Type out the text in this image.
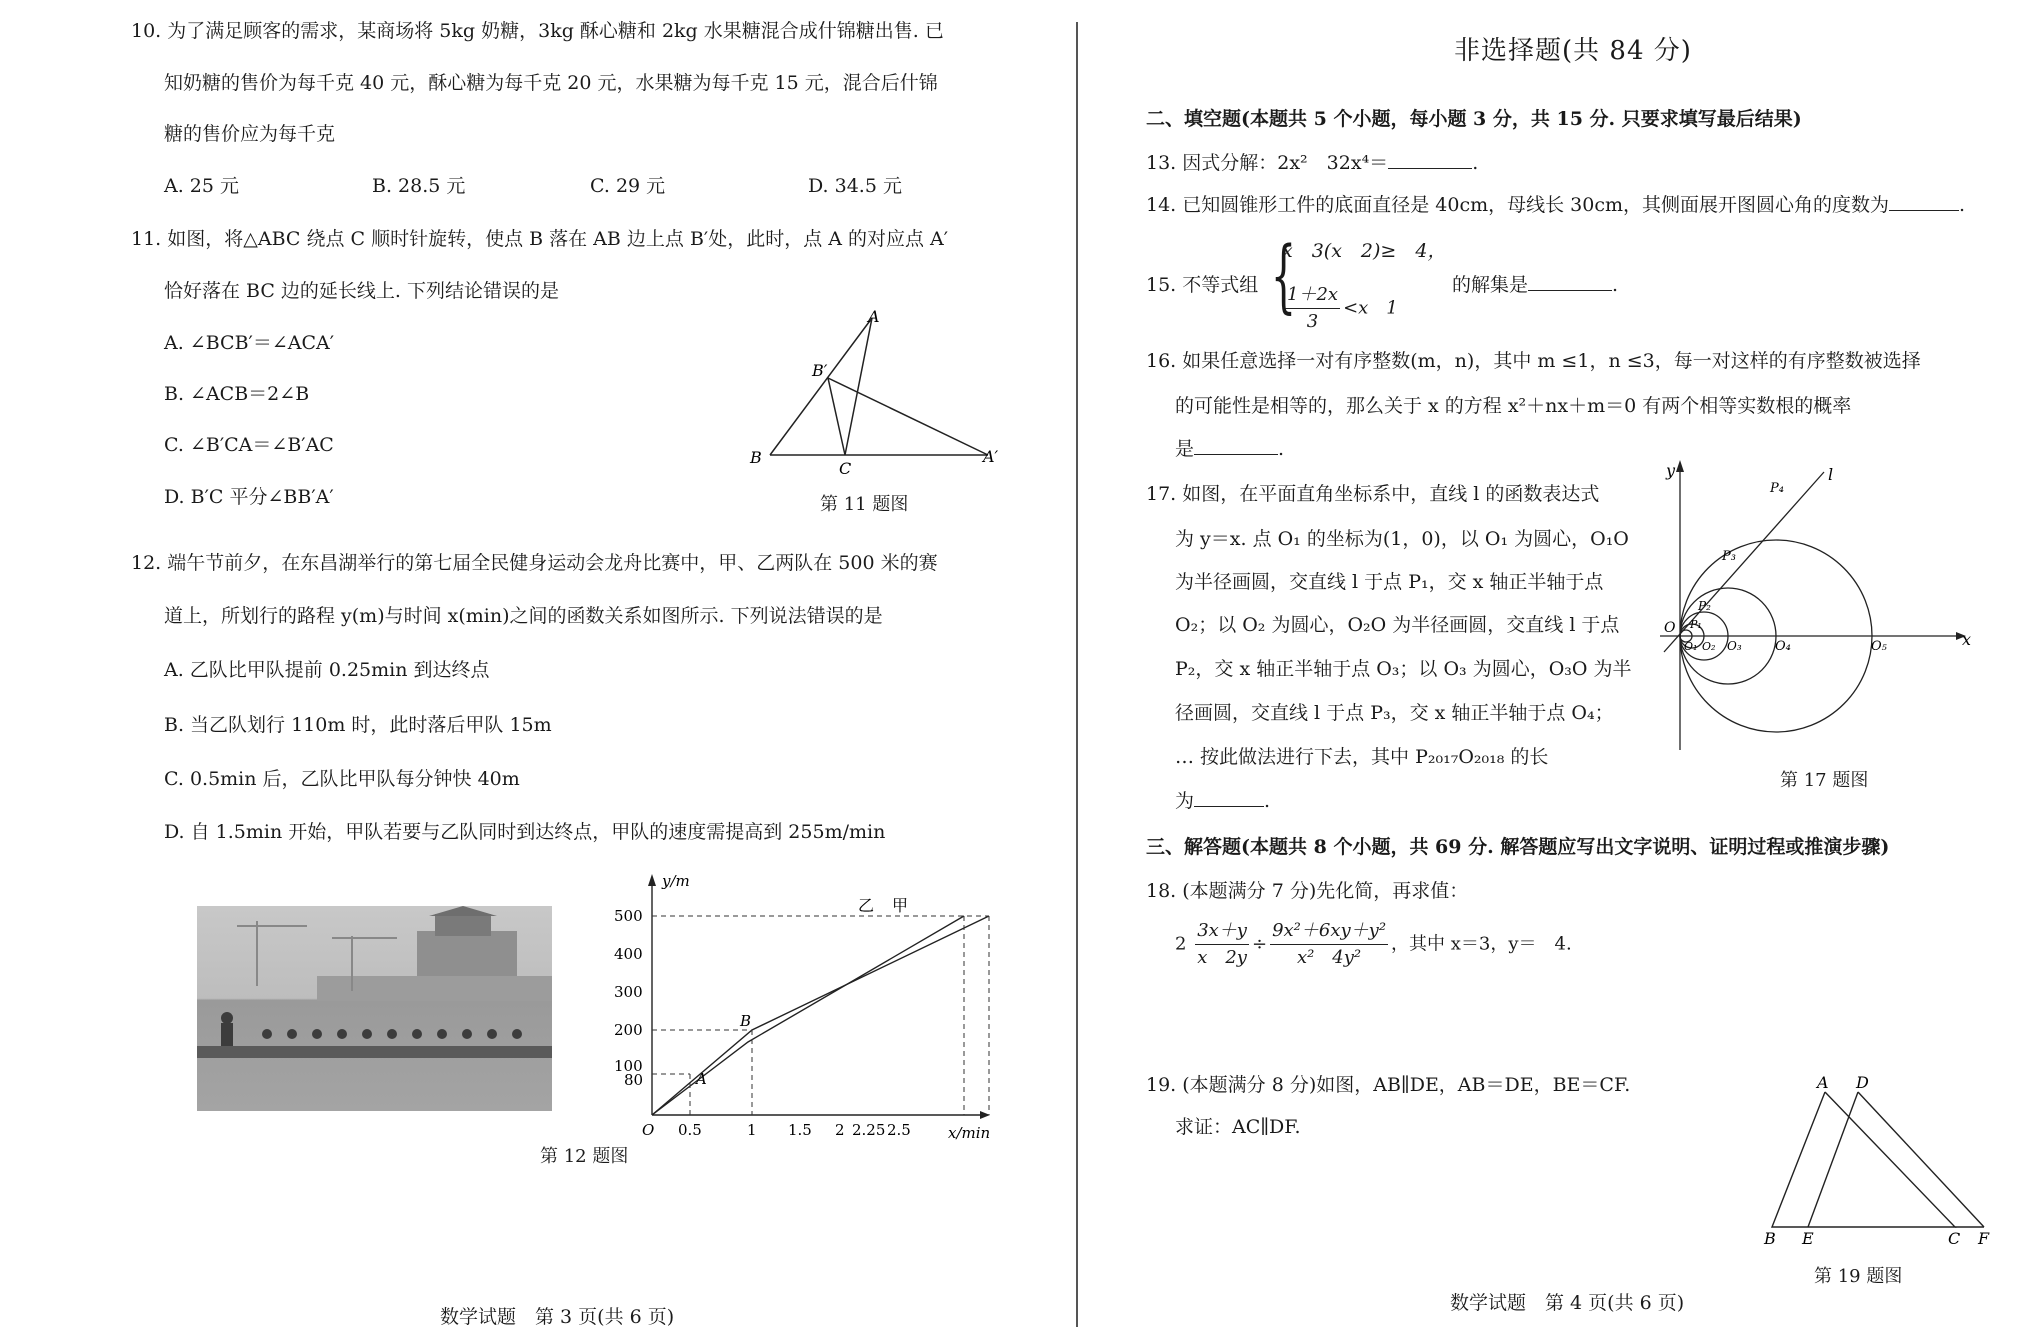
10. 为了满足顾客的需求，某商场将 5kg 奶糖，3kg 酥心糖和 2kg 水果糖混合成什锦糖出售. 已
知奶糖的售价为每千克 40 元，酥心糖为每千克 20 元，水果糖为每千克 15 元，混合后什锦
糖的售价应为每千克
A. 25 元	B. 28.5 元	C. 29 元	D. 34.5 元
11. 如图，将△ABC 绕点 C 顺时针旋转，使点 B 落在 AB 边上点 B′处，此时，点 A 的对应点 A′
恰好落在 BC 边的延长线上. 下列结论错误的是
A. ∠BCB′＝∠ACA′
B. ∠ACB＝2∠B
C. ∠B′CA＝∠B′AC
D. B′C 平分∠BB′A′
A
B′
B
C
A′
第 11 题图
12. 端午节前夕，在东昌湖举行的第七届全民健身运动会龙舟比赛中，甲、乙两队在 500 米的赛
道上，所划行的路程 y(m)与时间 x(min)之间的函数关系如图所示. 下列说法错误的是
A. 乙队比甲队提前 0.25min 到达终点
B. 当乙队划行 110m 时，此时落后甲队 15m
C. 0.5min 后，乙队比甲队每分钟快 40m
D. 自 1.5min 开始，甲队若要与乙队同时到达终点，甲队的速度需提高到 255m/min
y/m
x/min
O
500
400
300
200
100
80
0.5	1 1.5 2 2.25 2.5
A
B
乙 甲
第 12 题图
数学试题　第 3 页(共 6 页)
非选择题(共 84 分)
二、填空题(本题共 5 个小题，每小题 3 分，共 15 分. 只要求填写最后结果)
13. 因式分解：2x²　32x⁴＝	.
14. 已知圆锥形工件的底面直径是 40cm，母线长 30cm，其侧面展开图圆心角的度数为	.
15. 不等式组 {
x　3(x　2)≥　4，
$\frac{1+2x}{3} <x$　1
的解集是	.
16. 如果任意选择一对有序整数(m，n)，其中 m ≤1，n ≤3，每一对这样的有序整数被选择
的可能性是相等的，那么关于 x 的方程 x²＋nx＋m＝0 有两个相等实数根的概率
是	.
17. 如图，在平面直角坐标系中，直线 l 的函数表达式
为 y＝x. 点 O₁ 的坐标为(1，0)，以 O₁ 为圆心，O₁O
为半径画圆，交直线 l 于点 P₁，交 x 轴正半轴于点
O₂；以 O₂ 为圆心，O₂O 为半径画圆，交直线 l 于点
P₂，交 x 轴正半轴于点 O₃；以 O₃ 为圆心，O₃O 为半
径画圆，交直线 l 于点 P₃，交 x 轴正半轴于点 O₄；
… 按此做法进行下去，其中 P₂₀₁₇O₂₀₁₈ 的长
为	.
y
x
l
O
O₁ O₂ O₃	O₄	O₅
P₁
P₂
P₃
P₄
第 17 题图
三、解答题(本题共 8 个小题，共 69 分. 解答题应写出文字说明、证明过程或推演步骤)
18. (本题满分 7 分)先化简，再求值：
$2 \frac{3x+y}{x 2y} \div \frac{\text{9x²＋6xy＋y²}}{\text{x²　4y²}}$ ，其中 x＝3，y＝　4.
19. (本题满分 8 分)如图，AB∥DE，AB＝DE，BE＝CF.
求证：AC∥DF.
A D
B E	C F
第 19 题图
数学试题　第 4 页(共 6 页)
